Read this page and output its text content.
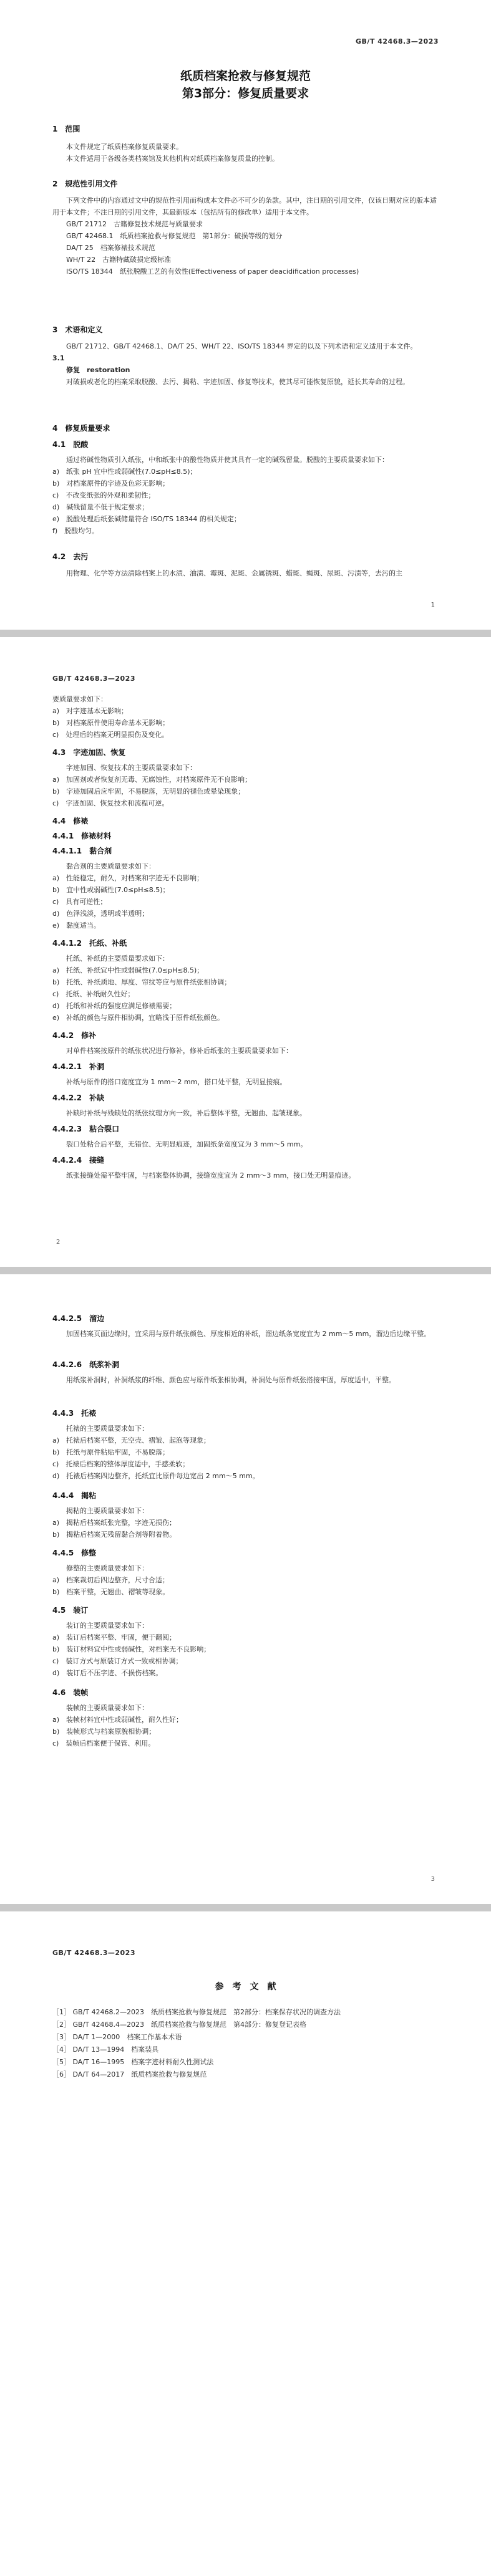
GB/T 42468.3—2023
纸质档案抢救与修复规范
第3部分：修复质量要求
1　范围

本文件规定了纸质档案修复质量要求。

本文件适用于各级各类档案馆及其他机构对纸质档案修复质量的控制。

2　规范性引用文件

下列文件中的内容通过文中的规范性引用而构成本文件必不可少的条款。其中，注日期的引用文件，仅该日期对应的版本适用于本文件；不注日期的引用文件，其最新版本（包括所有的修改单）适用于本文件。

GB/T 21712　古籍修复技术规范与质量要求

GB/T 42468.1　纸质档案抢救与修复规范　第1部分：破损等级的划分

DA/T 25　档案修裱技术规范

WH/T 22　古籍特藏破损定级标准

ISO/TS 18344　纸张脱酸工艺的有效性(Effectiveness of paper deacidification processes)

3　术语和定义

GB/T 21712、GB/T 42468.1、DA/T 25、WH/T 22、ISO/TS 18344 界定的以及下列术语和定义适用于本文件。

3.1

修复　restoration

对破损或老化的档案采取脱酸、去污、揭粘、字迹加固、修复等技术，使其尽可能恢复原貌，延长其寿命的过程。

4　修复质量要求
4.1　脱酸

通过将碱性物质引入纸张，中和纸张中的酸性物质并使其具有一定的碱残留量。脱酸的主要质量要求如下：

a)　纸张 pH 宜中性或弱碱性(7.0≤pH≤8.5)；

b)　对档案原件的字迹及色彩无影响；

c)　不改变纸张的外观和柔韧性；

d)　碱残留量不低于规定要求；

e)　脱酸处理后纸张碱储量符合 ISO/TS 18344 的相关规定；

f)　脱酸均匀。

4.2　去污

用物理、化学等方法清除档案上的水渍、油渍、霉斑、泥斑、金属锈斑、蜡斑、蝇斑、尿斑、污渍等，去污的主

1
GB/T 42468.3—2023

要质量要求如下：

a)　对字迹基本无影响；

b)　对档案原件使用寿命基本无影响；

c)　处理后的档案无明显损伤及变化。

4.3　字迹加固、恢复

字迹加固、恢复技术的主要质量要求如下：

a)　加固剂或者恢复剂无毒、无腐蚀性，对档案原件无不良影响；

b)　字迹加固后应牢固，不易脱落，无明显的褪色或晕染现象；

c)　字迹加固、恢复技术和流程可逆。

4.4　修裱
4.4.1　修裱材料
4.4.1.1　黏合剂

黏合剂的主要质量要求如下：

a)　性能稳定，耐久，对档案和字迹无不良影响；

b)　宜中性或弱碱性(7.0≤pH≤8.5)；

c)　具有可逆性；

d)　色泽浅淡，透明或半透明；

e)　黏度适当。

4.4.1.2　托纸、补纸

托纸、补纸的主要质量要求如下：

a)　托纸、补纸宜中性或弱碱性(7.0≤pH≤8.5)；

b)　托纸、补纸质地、厚度、帘纹等应与原件纸张相协调；

c)　托纸、补纸耐久性好；

d)　托纸和补纸的强度应满足修裱需要；

e)　补纸的颜色与原件相协调，宜略浅于原件纸张颜色。

4.4.2　修补

对单件档案按原件的纸张状况进行修补，修补后纸张的主要质量要求如下：

4.4.2.1　补洞

补纸与原件的搭口宽度宜为 1 mm～2 mm，搭口处平整，无明显接痕。

4.4.2.2　补缺

补缺时补纸与残缺处的纸张纹理方向一致，补后整体平整，无翘曲、起皱现象。

4.4.2.3　粘合裂口

裂口处粘合后平整，无错位、无明显痕迹，加固纸条宽度宜为 3 mm～5 mm。

4.4.2.4　接缝

纸张接缝处需平整牢固，与档案整体协调，接缝宽度宜为 2 mm～3 mm，接口处无明显痕迹。

2
4.4.2.5　溜边

加固档案页面边缘时，宜采用与原件纸张颜色、厚度相近的补纸，溜边纸条宽度宜为 2 mm～5 mm，溜边后边缘平整。

4.4.2.6　纸浆补洞

用纸浆补洞时，补洞纸浆的纤维、颜色应与原件纸张相协调，补洞处与原件纸张搭接牢固，厚度适中，平整。

4.4.3　托裱

托裱的主要质量要求如下：

a)　托裱后档案平整，无空壳、褶皱、起泡等现象；

b)　托纸与原件粘贴牢固，不易脱落；

c)　托裱后档案的整体厚度适中，手感柔软；

d)　托裱后档案四边整齐，托纸宜比原件每边宽出 2 mm～5 mm。

4.4.4　揭粘

揭粘的主要质量要求如下：

a)　揭粘后档案纸张完整，字迹无损伤；

b)　揭粘后档案无残留黏合剂等附着物。

4.4.5　修整

修整的主要质量要求如下：

a)　档案裁切后四边整齐，尺寸合适；

b)　档案平整，无翘曲、褶皱等现象。

4.5　装订

装订的主要质量要求如下：

a)　装订后档案平整、牢固，便于翻阅；

b)　装订材料宜中性或弱碱性，对档案无不良影响；

c)　装订方式与原装订方式一致或相协调；

d)　装订后不压字迹、不损伤档案。

4.6　装帧

装帧的主要质量要求如下：

a)　装帧材料宜中性或弱碱性，耐久性好；

b)　装帧形式与档案原貌相协调；

c)　装帧后档案便于保管、利用。

3
GB/T 42468.3—2023
参　考　文　献

［1］ GB/T 42468.2—2023　纸质档案抢救与修复规范　第2部分：档案保存状况的调查方法

［2］ GB/T 42468.4—2023　纸质档案抢救与修复规范　第4部分：修复登记表格

［3］ DA/T 1—2000　档案工作基本术语

［4］ DA/T 13—1994　档案装具

［5］ DA/T 16—1995　档案字迹材料耐久性测试法

［6］ DA/T 64—2017　纸质档案抢救与修复规范
